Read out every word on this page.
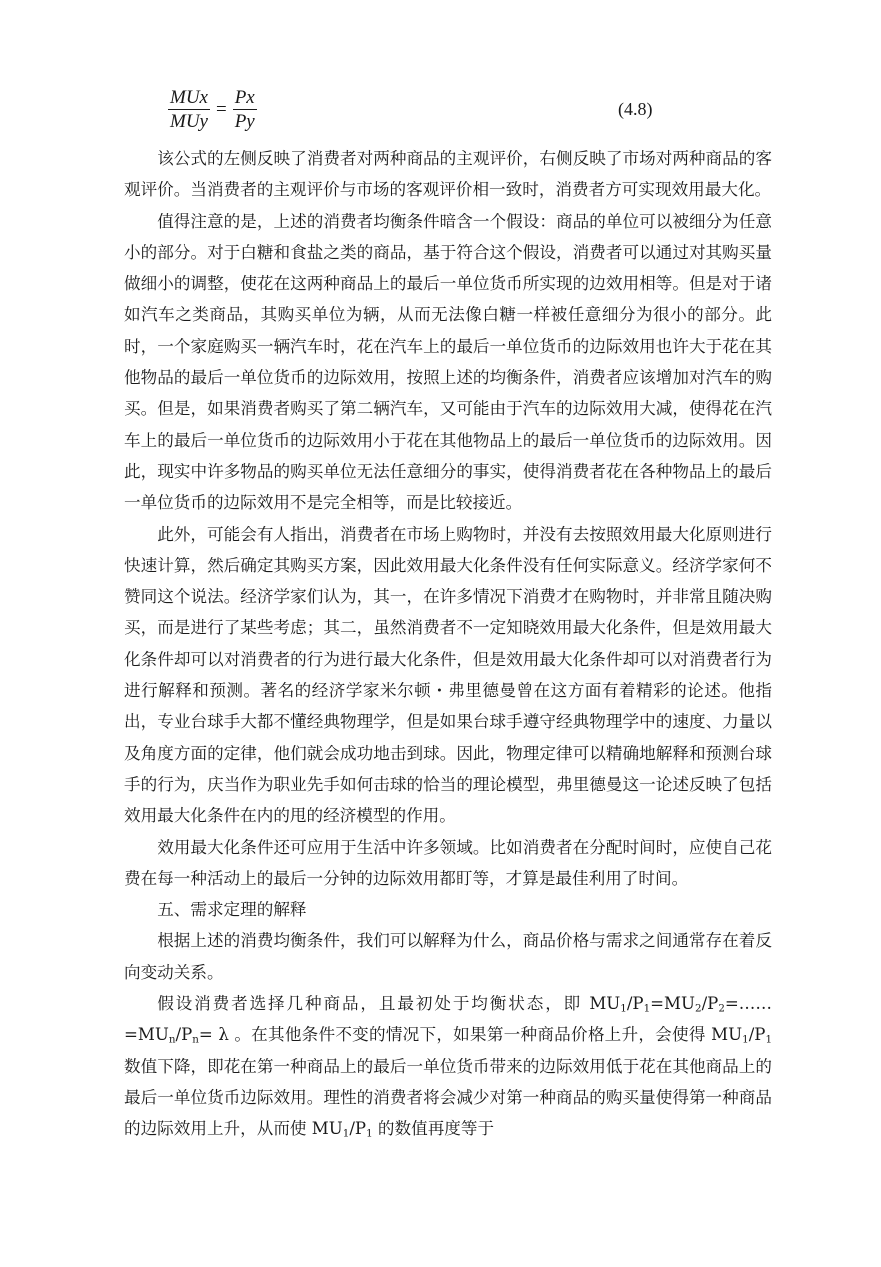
$\frac{\text{MUx}}{\text{MUy}} = \frac{Px}{Py}$	(4.8)

该公式的左侧反映了消费者对两种商品的主观评价，右侧反映了市场对两种商品的客观评价。当消费者的主观评价与市场的客观评价相一致时，消费者方可实现效用最大化。

值得注意的是，上述的消费者均衡条件暗含一个假设：商品的单位可以被细分为任意小的部分。对于白糖和食盐之类的商品，基于符合这个假设，消费者可以通过对其购买量做细小的调整，使花在这两种商品上的最后一单位货币所实现的边效用相等。但是对于诸如汽车之类商品，其购买单位为辆，从而无法像白糖一样被任意细分为很小的部分。此时，一个家庭购买一辆汽车时，花在汽车上的最后一单位货币的边际效用也许大于花在其他物品的最后一单位货币的边际效用，按照上述的均衡条件，消费者应该增加对汽车的购买。但是，如果消费者购买了第二辆汽车，又可能由于汽车的边际效用大减，使得花在汽车上的最后一单位货币的边际效用小于花在其他物品上的最后一单位货币的边际效用。因此，现实中许多物品的购买单位无法任意细分的事实，使得消费者花在各种物品上的最后一单位货币的边际效用不是完全相等，而是比较接近。

此外，可能会有人指出，消费者在市场上购物时，并没有去按照效用最大化原则进行快速计算，然后确定其购买方案，因此效用最大化条件没有任何实际意义。经济学家何不赞同这个说法。经济学家们认为，其一，在许多情况下消费才在购物时，并非常且随决购买，而是进行了某些考虑；其二，虽然消费者不一定知晓效用最大化条件，但是效用最大化条件却可以对消费者的行为进行最大化条件，但是效用最大化条件却可以对消费者行为进行解释和预测。著名的经济学家米尔顿・弗里德曼曾在这方面有着精彩的论述。他指出，专业台球手大都不懂经典物理学，但是如果台球手遵守经典物理学中的速度、力量以及角度方面的定律，他们就会成功地击到球。因此，物理定律可以精确地解释和预测台球手的行为，庆当作为职业先手如何击球的恰当的理论模型，弗里德曼这一论述反映了包括效用最大化条件在内的甩的经济模型的作用。

效用最大化条件还可应用于生活中许多领域。比如消费者在分配时间时，应使自己花费在每一种活动上的最后一分钟的边际效用都盯等，才算是最佳利用了时间。

五、需求定理的解释

根据上述的消费均衡条件，我们可以解释为什么，商品价格与需求之间通常存在着反向变动关系。

假设消费者选择几种商品，且最初处于均衡状态，即 $MU_1/P_1=MU_2/P_2=\dots\dots=MU_n/P_n= \lambda$ 。在其他条件不变的情况下，如果第一种商品价格上升，会使得 $MU_1/P_1$ 数值下降，即花在第一种商品上的最后一单位货币带来的边际效用低于花在其他商品上的最后一单位货币边际效用。理性的消费者将会减少对第一种商品的购买量使得第一种商品的边际效用上升，从而使 $MU_1/P_1$ 的数值再度等于
